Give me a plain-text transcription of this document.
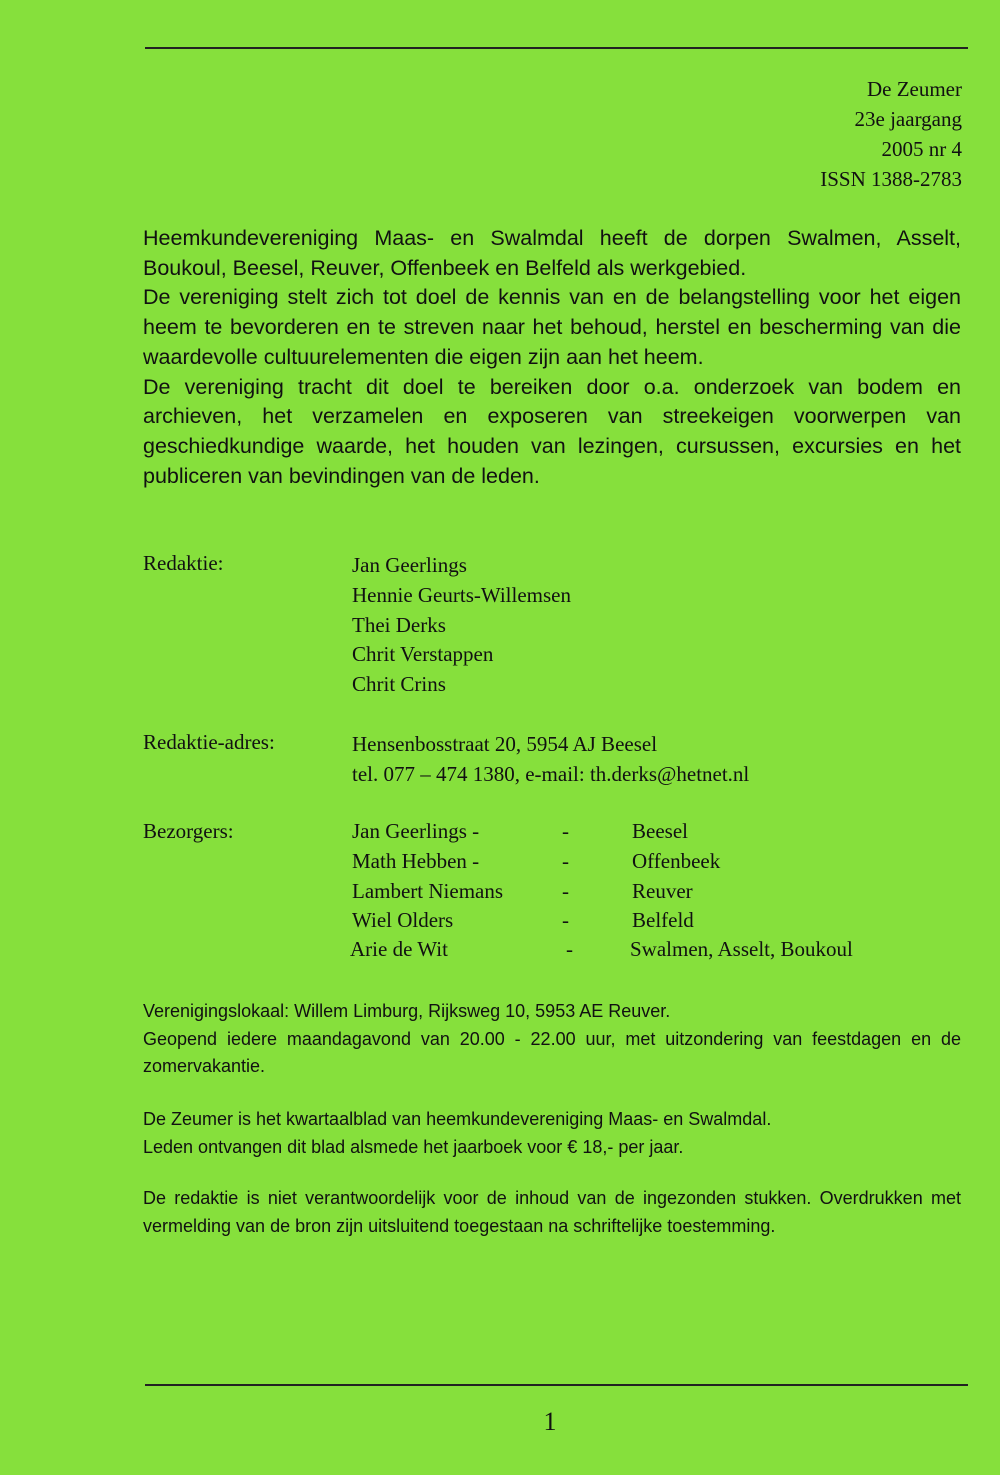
De Zeumer
23e jaargang
2005 nr 4
ISSN 1388-2783

Heemkundevereniging Maas- en Swalmdal heeft de dorpen Swalmen, Asselt, Boukoul, Beesel, Reuver, Offenbeek en Belfeld als werkgebied.

De vereniging stelt zich tot doel de kennis van en de belangstelling voor het eigen heem te bevorderen en te streven naar het behoud, herstel en bescherming van die waardevolle cultuurelementen die eigen zijn aan het heem.

De vereniging tracht dit doel te bereiken door o.a. onderzoek van bodem en archieven, het verzamelen en exposeren van streekeigen voorwerpen van geschiedkundige waarde, het houden van lezingen, cursussen, excursies en het publiceren van bevindingen van de leden.

Redaktie:	Jan Geerlings
Hennie Geurts-Willemsen
Thei Derks
Chrit Verstappen
Chrit Crins
Redaktie-adres:	Hensenbosstraat 20, 5954 AJ Beesel
tel. 077 – 474 1380, e-mail: th.derks@hetnet.nl
Bezorgers:	Jan Geerlings -	-	Beesel
Math Hebben -	-	Offenbeek
Lambert Niemans	-	Reuver
Wiel Olders	-	Belfeld
Arie de Wit	-	Swalmen, Asselt, Boukoul

Verenigingslokaal: Willem Limburg, Rijksweg 10, 5953 AE Reuver.

Geopend iedere maandagavond van 20.00 - 22.00 uur, met uitzondering van feestdagen en de zomervakantie.

De Zeumer is het kwartaalblad van heemkundevereniging Maas- en Swalmdal.

Leden ontvangen dit blad alsmede het jaarboek voor € 18,- per jaar.

De redaktie is niet verantwoordelijk voor de inhoud van de ingezonden stukken. Overdrukken met vermelding van de bron zijn uitsluitend toegestaan na schriftelijke toestemming.

1
